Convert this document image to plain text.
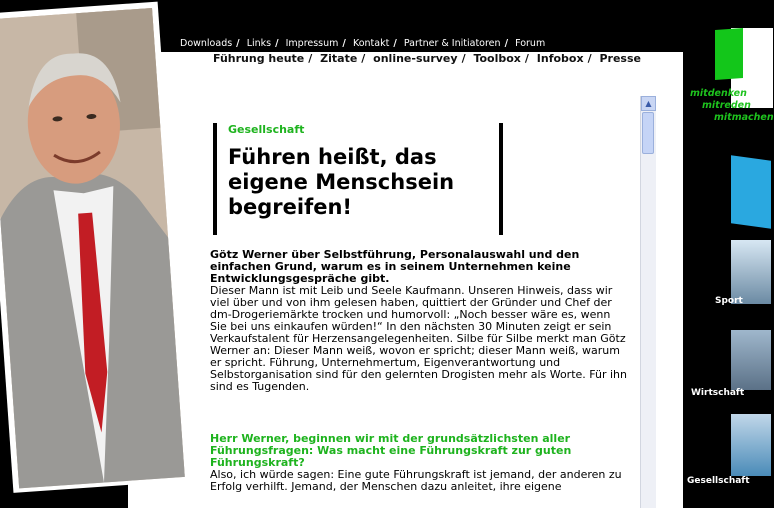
Downloads / Links / Impressum / Kontakt / Partner & Initiatoren / Forum
Führung heute / Zitate / online-survey / Toolbox / Infobox / Presse
Gesellschaft
Führen heißt, das eigene Menschsein begreifen!

Götz Werner über Selbstführung, Personalauswahl und den einfachen Grund, warum es in seinem Unternehmen keine Entwicklungsgespräche gibt.

Dieser Mann ist mit Leib und Seele Kaufmann. Unseren Hinweis, dass wir viel über und von ihm gelesen haben, quittiert der Gründer und Chef der dm-Drogeriemärkte trocken und humorvoll: „Noch besser wäre es, wenn Sie bei uns einkaufen würden!“ In den nächsten 30 Minuten zeigt er sein Verkaufstalent für Herzensangelegenheiten. Silbe für Silbe merkt man Götz Werner an: Dieser Mann weiß, wovon er spricht; dieser Mann weiß, warum er spricht. Führung, Unternehmertum, Eigenverantwortung und Selbstorganisation sind für den gelernten Drogisten mehr als Worte. Für ihn sind es Tugenden.

Herr Werner, beginnen wir mit der grundsätzlichsten aller Führungsfragen: Was macht eine Führungskraft zur guten Führungskraft?

Also, ich würde sagen: Eine gute Führungskraft ist jemand, der anderen zu Erfolg verhilft. Jemand, der Menschen dazu anleitet, ihre eigene

▲
mitdenken
mitreden
mitmachen
Sport
Wirtschaft
Gesellschaft
